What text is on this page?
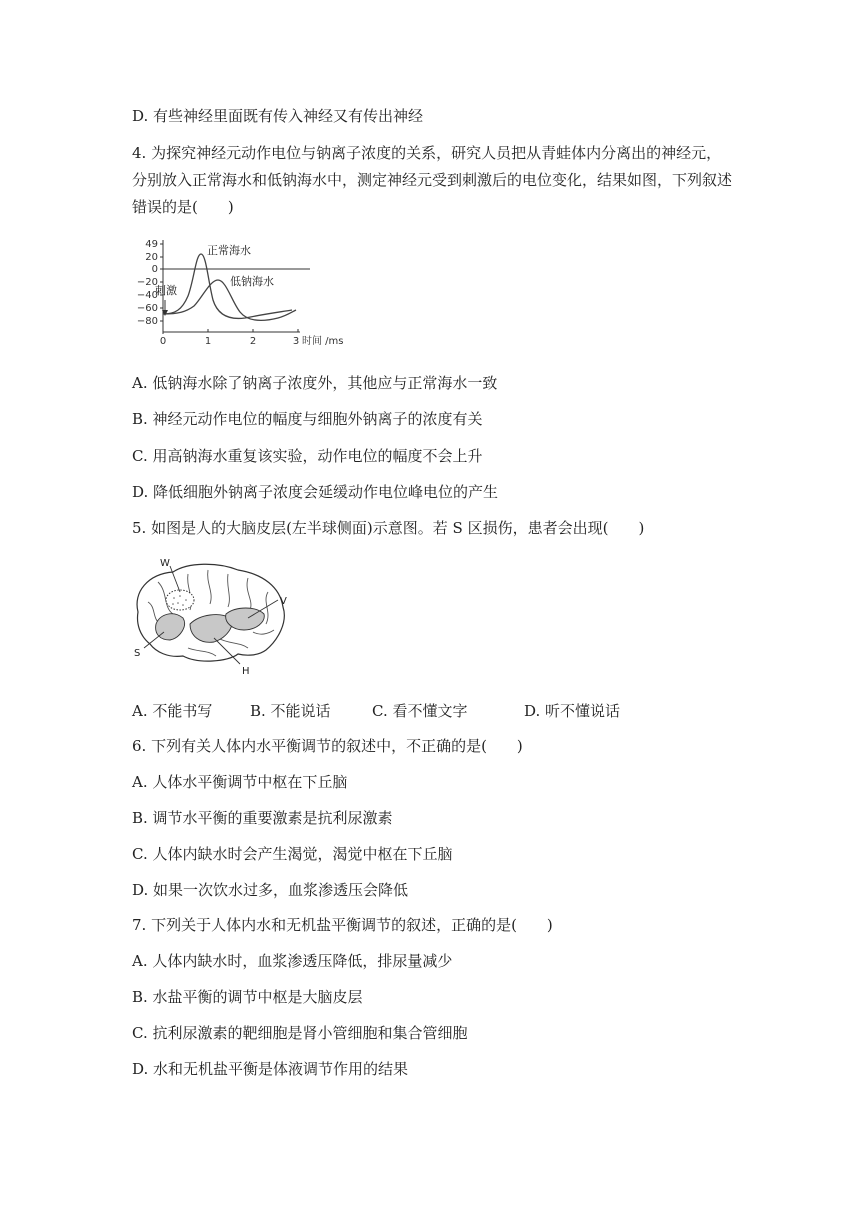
D. 有些神经里面既有传入神经又有传出神经
4. 为探究神经元动作电位与钠离子浓度的关系，研究人员把从青蛙体内分离出的神经元，分别放入正常海水和低钠海水中，测定神经元受到刺激后的电位变化，结果如图，下列叙述错误的是(　　)
49
20
0
−20
−40
−60
−80
0	1	2	3 时间 /ms
刺激
正常海水
低钠海水
A. 低钠海水除了钠离子浓度外，其他应与正常海水一致
B. 神经元动作电位的幅度与细胞外钠离子的浓度有关
C. 用高钠海水重复该实验，动作电位的幅度不会上升
D. 降低细胞外钠离子浓度会延缓动作电位峰电位的产生
5. 如图是人的大脑皮层(左半球侧面)示意图。若 S 区损伤，患者会出现(　　)
W
V
S
H
A. 不能书写	B. 不能说话	C. 看不懂文字	D. 听不懂说话
6. 下列有关人体内水平衡调节的叙述中，不正确的是(　　)
A. 人体水平衡调节中枢在下丘脑
B. 调节水平衡的重要激素是抗利尿激素
C. 人体内缺水时会产生渴觉，渴觉中枢在下丘脑
D. 如果一次饮水过多，血浆渗透压会降低
7. 下列关于人体内水和无机盐平衡调节的叙述，正确的是(　　)
A. 人体内缺水时，血浆渗透压降低，排尿量减少
B. 水盐平衡的调节中枢是大脑皮层
C. 抗利尿激素的靶细胞是肾小管细胞和集合管细胞
D. 水和无机盐平衡是体液调节作用的结果
